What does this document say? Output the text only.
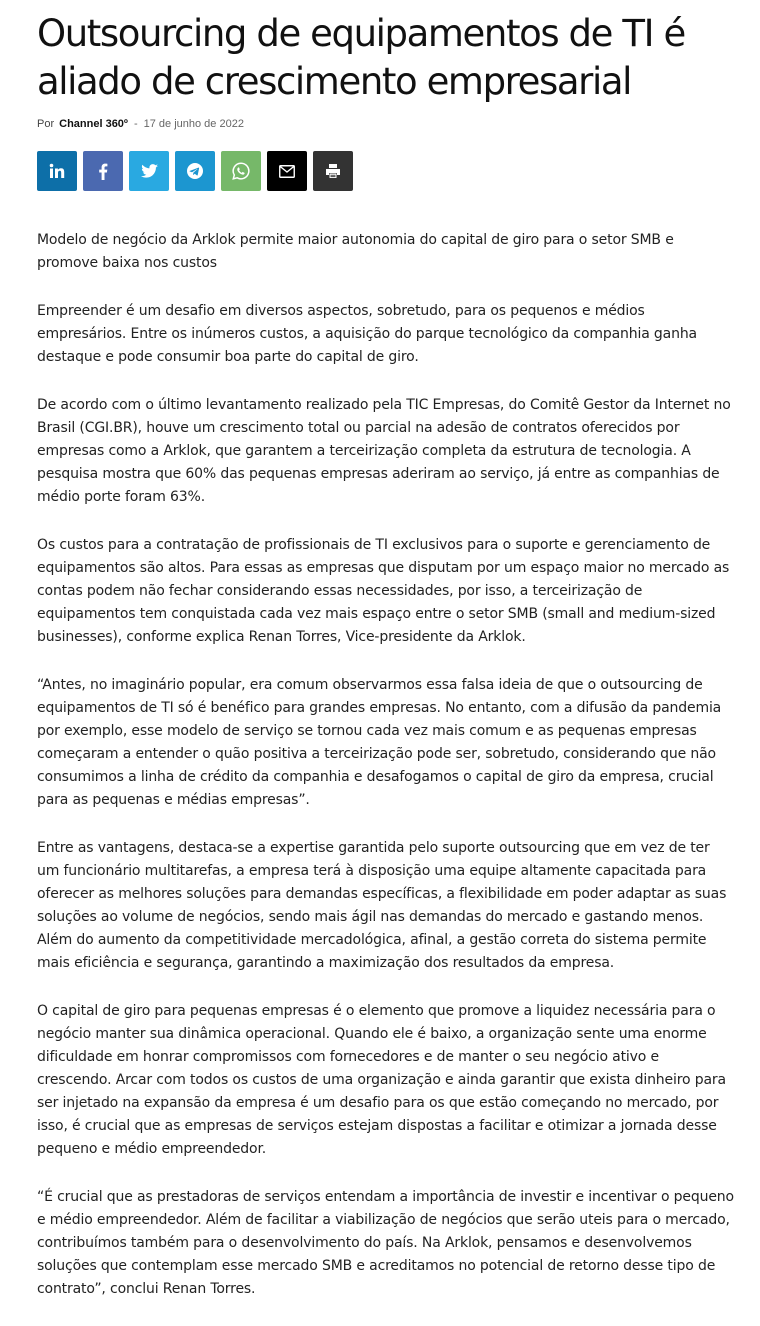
Outsourcing de equipamentos de TI é aliado de crescimento empresarial
Por Channel 360º - 17 de junho de 2022

Modelo de negócio da Arklok permite maior autonomia do capital de giro para o setor SMB e promove baixa nos custos

Empreender é um desafio em diversos aspectos, sobretudo, para os pequenos e médios empresários. Entre os inúmeros custos, a aquisição do parque tecnológico da companhia ganha destaque e pode consumir boa parte do capital de giro.

De acordo com o último levantamento realizado pela TIC Empresas, do Comitê Gestor da Internet no Brasil (CGI.BR), houve um crescimento total ou parcial na adesão de contratos oferecidos por empresas como a Arklok, que garantem a terceirização completa da estrutura de tecnologia. A pesquisa mostra que 60% das pequenas empresas aderiram ao serviço, já entre as companhias de médio porte foram 63%.

Os custos para a contratação de profissionais de TI exclusivos para o suporte e gerenciamento de equipamentos são altos. Para essas as empresas que disputam por um espaço maior no mercado as contas podem não fechar considerando essas necessidades, por isso, a terceirização de equipamentos tem conquistada cada vez mais espaço entre o setor SMB (small and medium-sized businesses), conforme explica Renan Torres, Vice-presidente da Arklok.

“Antes, no imaginário popular, era comum observarmos essa falsa ideia de que o outsourcing de equipamentos de TI só é benéfico para grandes empresas. No entanto, com a difusão da pandemia por exemplo, esse modelo de serviço se tornou cada vez mais comum e as pequenas empresas começaram a entender o quão positiva a terceirização pode ser, sobretudo, considerando que não consumimos a linha de crédito da companhia e desafogamos o capital de giro da empresa, crucial para as pequenas e médias empresas”.

Entre as vantagens, destaca-se a expertise garantida pelo suporte outsourcing que em vez de ter um funcionário multitarefas, a empresa terá à disposição uma equipe altamente capacitada para oferecer as melhores soluções para demandas específicas, a flexibilidade em poder adaptar as suas soluções ao volume de negócios, sendo mais ágil nas demandas do mercado e gastando menos. Além do aumento da competitividade mercadológica, afinal, a gestão correta do sistema permite mais eficiência e segurança, garantindo a maximização dos resultados da empresa.

O capital de giro para pequenas empresas é o elemento que promove a liquidez necessária para o negócio manter sua dinâmica operacional. Quando ele é baixo, a organização sente uma enorme dificuldade em honrar compromissos com fornecedores e de manter o seu negócio ativo e crescendo. Arcar com todos os custos de uma organização e ainda garantir que exista dinheiro para ser injetado na expansão da empresa é um desafio para os que estão começando no mercado, por isso, é crucial que as empresas de serviços estejam dispostas a facilitar e otimizar a jornada desse pequeno e médio empreendedor.

“É crucial que as prestadoras de serviços entendam a importância de investir e incentivar o pequeno e médio empreendedor. Além de facilitar a viabilização de negócios que serão uteis para o mercado, contribuímos também para o desenvolvimento do país. Na Arklok, pensamos e desenvolvemos soluções que contemplam esse mercado SMB e acreditamos no potencial de retorno desse tipo de contrato”, conclui Renan Torres.
